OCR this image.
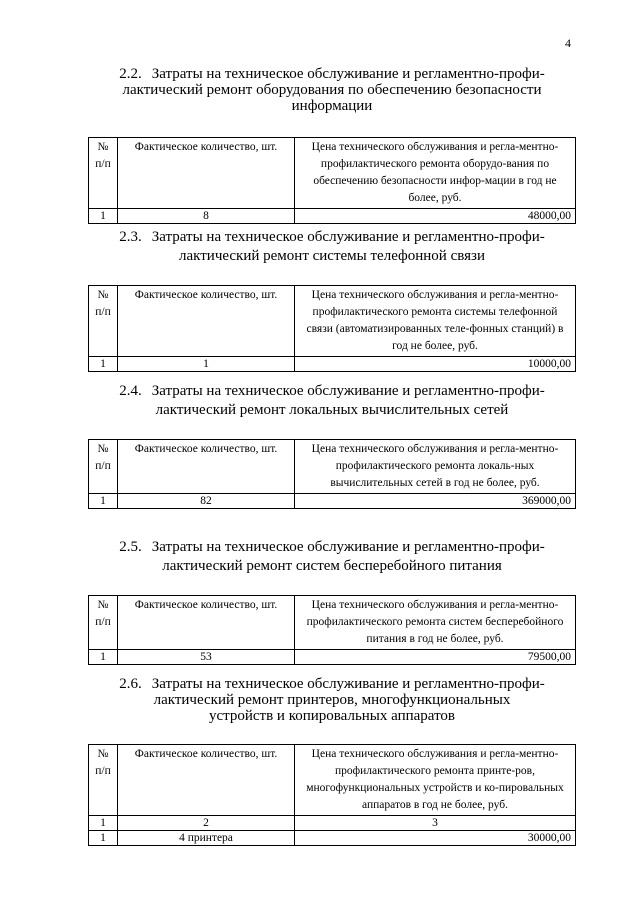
4
2.2. Затраты на техническое обслуживание и регламентно-профи-
лактический ремонт оборудования по обеспечению безопасности
информации
№ п/п	Фактическое количество, шт.	Цена технического обслуживания и регла-ментно-профилактического ремонта оборудо-вания по обеспечению безопасности инфор-мации в год не более, руб.
1	8	48000,00
2.3. Затраты на техническое обслуживание и регламентно-профи-
лактический ремонт системы телефонной связи
№ п/п	Фактическое количество, шт.	Цена технического обслуживания и регла-ментно-профилактического ремонта системы телефонной связи (автоматизированных теле-фонных станций) в год не более, руб.
1	1	10000,00
2.4. Затраты на техническое обслуживание и регламентно-профи-
лактический ремонт локальных вычислительных сетей
№ п/п	Фактическое количество, шт.	Цена технического обслуживания и регла-ментно-профилактического ремонта локаль-ных вычислительных сетей в год не более, руб.
1	82	369000,00
2.5. Затраты на техническое обслуживание и регламентно-профи-
лактический ремонт систем бесперебойного питания
№ п/п	Фактическое количество, шт.	Цена технического обслуживания и регла-ментно-профилактического ремонта систем бесперебойного питания в год не более, руб.
1	53	79500,00
2.6. Затраты на техническое обслуживание и регламентно-профи-
лактический ремонт принтеров, многофункциональных
устройств и копировальных аппаратов
№ п/п	Фактическое количество, шт.	Цена технического обслуживания и регла-ментно-профилактического ремонта принте-ров, многофункциональных устройств и ко-пировальных аппаратов в год не более, руб.
1	2	3
1	4 принтера	30000,00
